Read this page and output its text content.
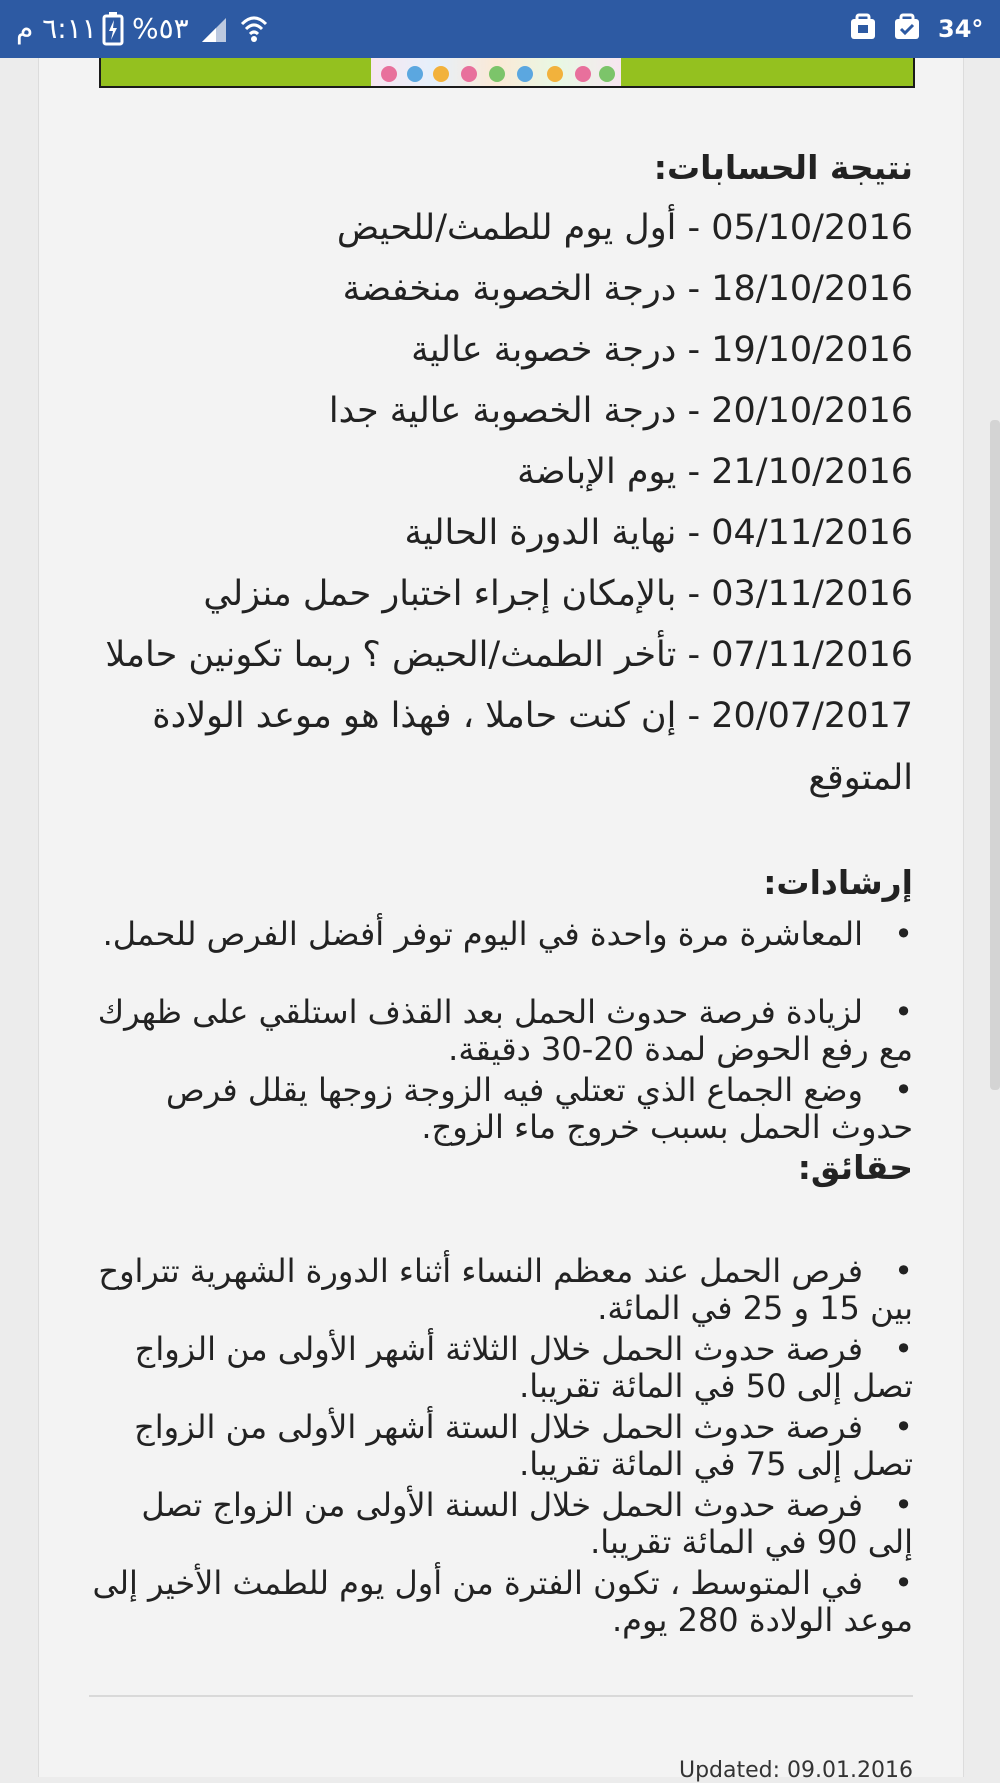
٦:١١ م %٥٣	34°
نتيجة الحسابات:
05/10/2016 - أول يوم للطمث/للحيض
18/10/2016 - درجة الخصوبة منخفضة
19/10/2016 - درجة خصوبة عالية
20/10/2016 - درجة الخصوبة عالية جدا
21/10/2016 - يوم الإباضة
04/11/2016 - نهاية الدورة الحالية
03/11/2016 - بالإمكان إجراء اختبار حمل منزلي
07/11/2016 - تأخر الطمث/الحيض ؟ ربما تكونين حاملا
20/07/2017 - إن كنت حاملا ، فهذا هو موعد الولادة
المتوقع
إرشادات:
•المعاشرة مرة واحدة في اليوم توفر أفضل الفرص للحمل.
•لزيادة فرصة حدوث الحمل بعد القذف استلقي على ظهرك مع رفع الحوض لمدة 20-30 دقيقة.
•وضع الجماع الذي تعتلي فيه الزوجة زوجها يقلل فرص حدوث الحمل بسبب خروج ماء الزوج.
حقائق:
•فرص الحمل عند معظم النساء أثناء الدورة الشهرية تتراوح بين 15 و 25 في المائة.
•فرصة حدوث الحمل خلال الثلاثة أشهر الأولى من الزواج تصل إلى 50 في المائة تقريبا.
•فرصة حدوث الحمل خلال الستة أشهر الأولى من الزواج تصل إلى 75 في المائة تقريبا.
•فرصة حدوث الحمل خلال السنة الأولى من الزواج تصل إلى 90 في المائة تقريبا.
•في المتوسط ، تكون الفترة من أول يوم للطمث الأخير إلى موعد الولادة 280 يوم.
Updated: 09.01.2016
